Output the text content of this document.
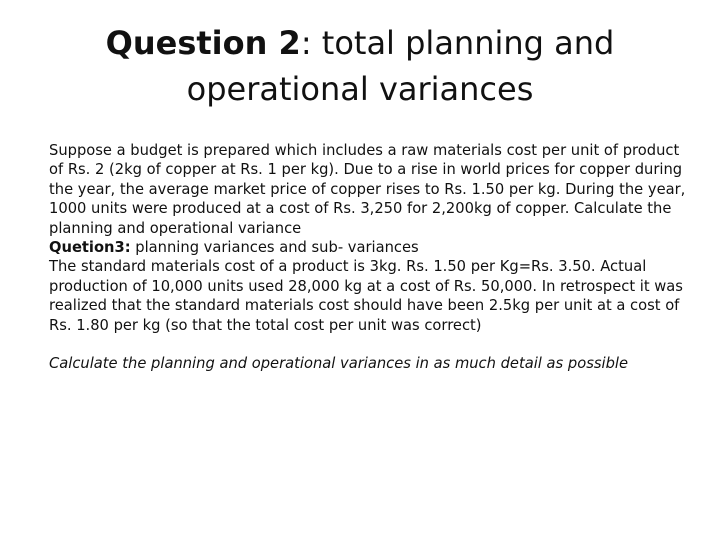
Question 2: total planning and operational variances

Suppose a budget is prepared which includes a raw materials cost per unit of product of Rs. 2 (2kg of copper at Rs. 1 per kg). Due to a rise in world prices for copper during the year, the average market price of copper rises to Rs. 1.50 per kg. During the year, 1000 units were produced at a cost of Rs. 3,250 for 2,200kg of copper. Calculate the planning and operational variance

Quetion3: planning variances and sub- variances

The standard materials cost of a product is 3kg. Rs. 1.50 per Kg=Rs. 3.50. Actual production of 10,000 units used 28,000 kg at a cost of Rs. 50,000. In retrospect it was realized that the standard materials cost should have been 2.5kg per unit at a cost of Rs. 1.80 per kg (so that the total cost per unit was correct)

Calculate the planning and operational variances in as much detail as possible
